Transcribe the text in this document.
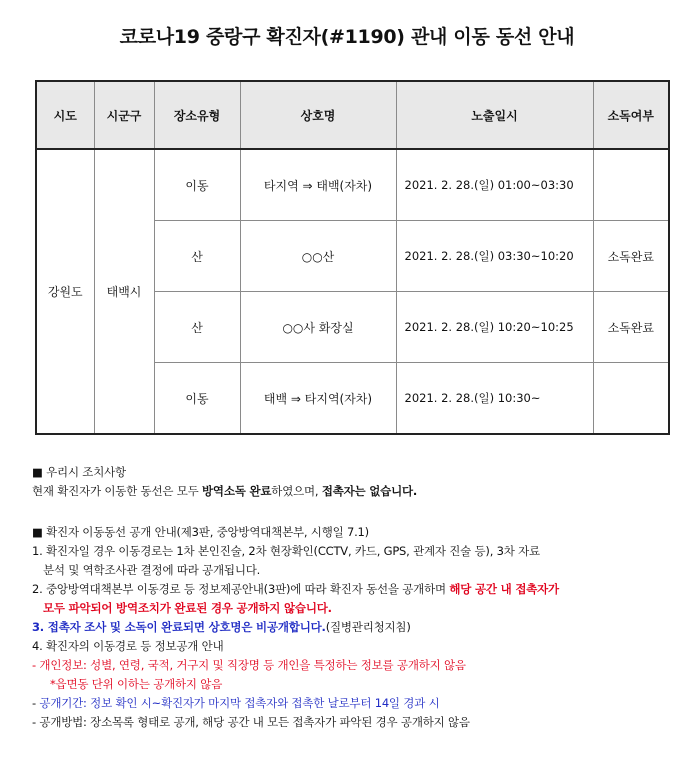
코로나19 중랑구 확진자(#1190) 관내 이동 동선 안내
시도	시군구	장소유형	상호명	노출일시	소독여부
강원도	태백시	이동	타지역 ⇒ 태백(자차)	2021. 2. 28.(일) 01:00~03:30	
		산	○○산	2021. 2. 28.(일) 03:30~10:20	소독완료
		산	○○사 화장실	2021. 2. 28.(일) 10:20~10:25	소독완료
		이동	태백 ⇒ 타지역(자차)	2021. 2. 28.(일) 10:30~	

■ 우리시 조치사항

현재 확진자가 이동한 동선은 모두 방역소독 완료하였으며, 접촉자는 없습니다.

■ 확진자 이동동선 공개 안내(제3판, 중앙방역대책본부, 시행일 7.1)

1. 확진자일 경우 이동경로는 1차 본인진술, 2차 현장확인(CCTV, 카드, GPS, 관계자 진술 등), 3차 자료

분석 및 역학조사관 결정에 따라 공개됩니다.

2. 중앙방역대책본부 이동경로 등 정보제공안내(3판)에 따라 확진자 동선을 공개하며 해당 공간 내 접촉자가

모두 파악되어 방역조치가 완료된 경우 공개하지 않습니다.

3. 접촉자 조사 및 소독이 완료되면 상호명은 비공개합니다.(질병관리청지침)

4. 확진자의 이동경로 등 정보공개 안내

- 개인정보: 성별, 연령, 국적, 거구지 및 직장명 등 개인을 특정하는 정보를 공개하지 않음

*읍면동 단위 이하는 공개하지 않음

- 공개기간: 정보 확인 시~확진자가 마지막 접촉자와 접촉한 날로부터 14일 경과 시

- 공개방법: 장소목록 형태로 공개, 해당 공간 내 모든 접촉자가 파악된 경우 공개하지 않음
